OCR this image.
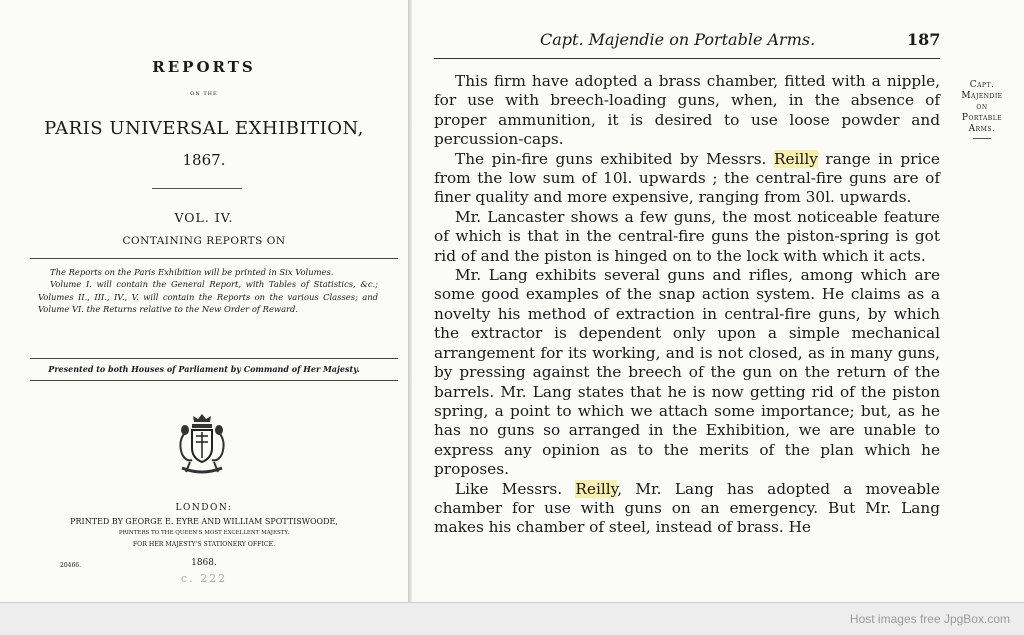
REPORTS
ON THE
PARIS UNIVERSAL EXHIBITION,
1867.
VOL. IV.
CONTAINING REPORTS ON

The Reports on the Paris Exhibition will be printed in Six Volumes.

Volume I. will contain the General Report, with Tables of Statistics, &c.; Volumes II., III., IV., V. will contain the Reports on the various Classes; and Volume VI. the Returns relative to the New Order of Reward.

Presented to both Houses of Parliament by Command of Her Majesty.
LONDON:
PRINTED BY GEORGE E. EYRE AND WILLIAM SPOTTISWOODE,
PRINTERS TO THE QUEEN'S MOST EXCELLENT MAJESTY.
FOR HER MAJESTY'S STATIONERY OFFICE.
20466.	1868.
c. 222
Capt. Majendie on Portable Arms.	187

This firm have adopted a brass chamber, fitted with a nipple, for use with breech-loading guns, when, in the absence of proper ammunition, it is desired to use loose powder and percussion-caps.

The pin-fire guns exhibited by Messrs. Reilly range in price from the low sum of 10l. upwards ; the central-fire guns are of finer quality and more expensive, ranging from 30l. upwards.

Mr. Lancaster shows a few guns, the most noticeable feature of which is that in the central-fire guns the piston-spring is got rid of and the piston is hinged on to the lock with which it acts.

Mr. Lang exhibits several guns and rifles, among which are some good examples of the snap action system. He claims as a novelty his method of extraction in central-fire guns, by which the extractor is dependent only upon a simple mechanical arrangement for its working, and is not closed, as in many guns, by pressing against the breech of the gun on the return of the barrels. Mr. Lang states that he is now getting rid of the piston spring, a point to which we attach some importance; but, as he has no guns so arranged in the Exhibition, we are unable to express any opinion as to the merits of the plan which he proposes.

Like Messrs. Reilly, Mr. Lang has adopted a moveable chamber for use with guns on an emergency. But Mr. Lang makes his chamber of steel, instead of brass. He

Capt.
Majendie
on
Portable
Arms.
Host images free JpgBox.com
